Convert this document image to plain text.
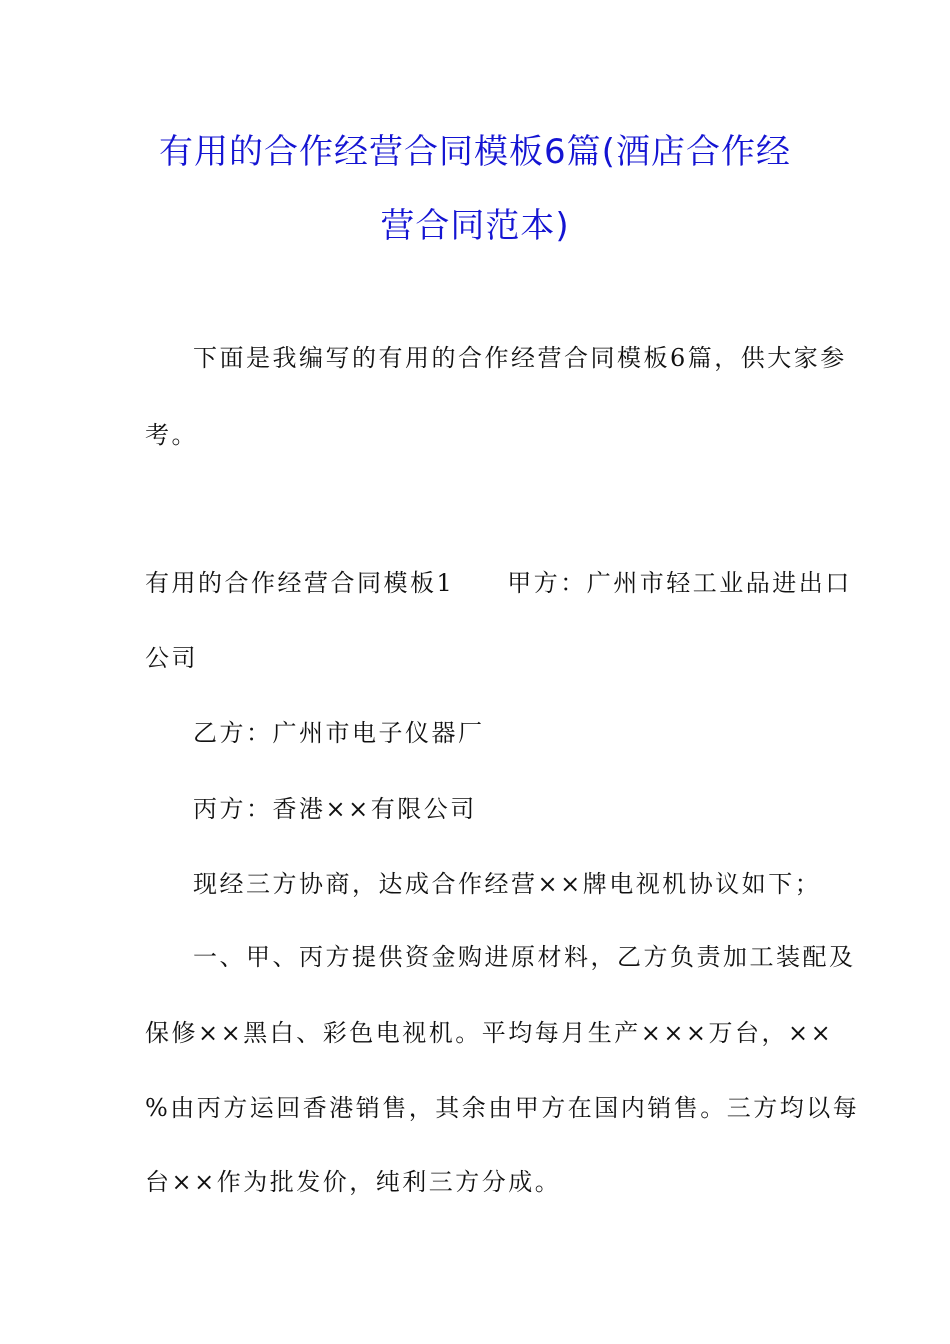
有用的合作经营合同模板6篇(酒店合作经
营合同范本)
下面是我编写的有用的合作经营合同模板6篇，供大家参
考。
有用的合作经营合同模板1　　甲方：广州市轻工业品进出口
公司
乙方：广州市电子仪器厂
丙方：香港××有限公司
现经三方协商，达成合作经营××牌电视机协议如下；
一、甲、丙方提供资金购进原材料，乙方负责加工装配及
保修××黑白、彩色电视机。平均每月生产×××万台，××
%由丙方运回香港销售，其余由甲方在国内销售。三方均以每
台××作为批发价，纯利三方分成。
